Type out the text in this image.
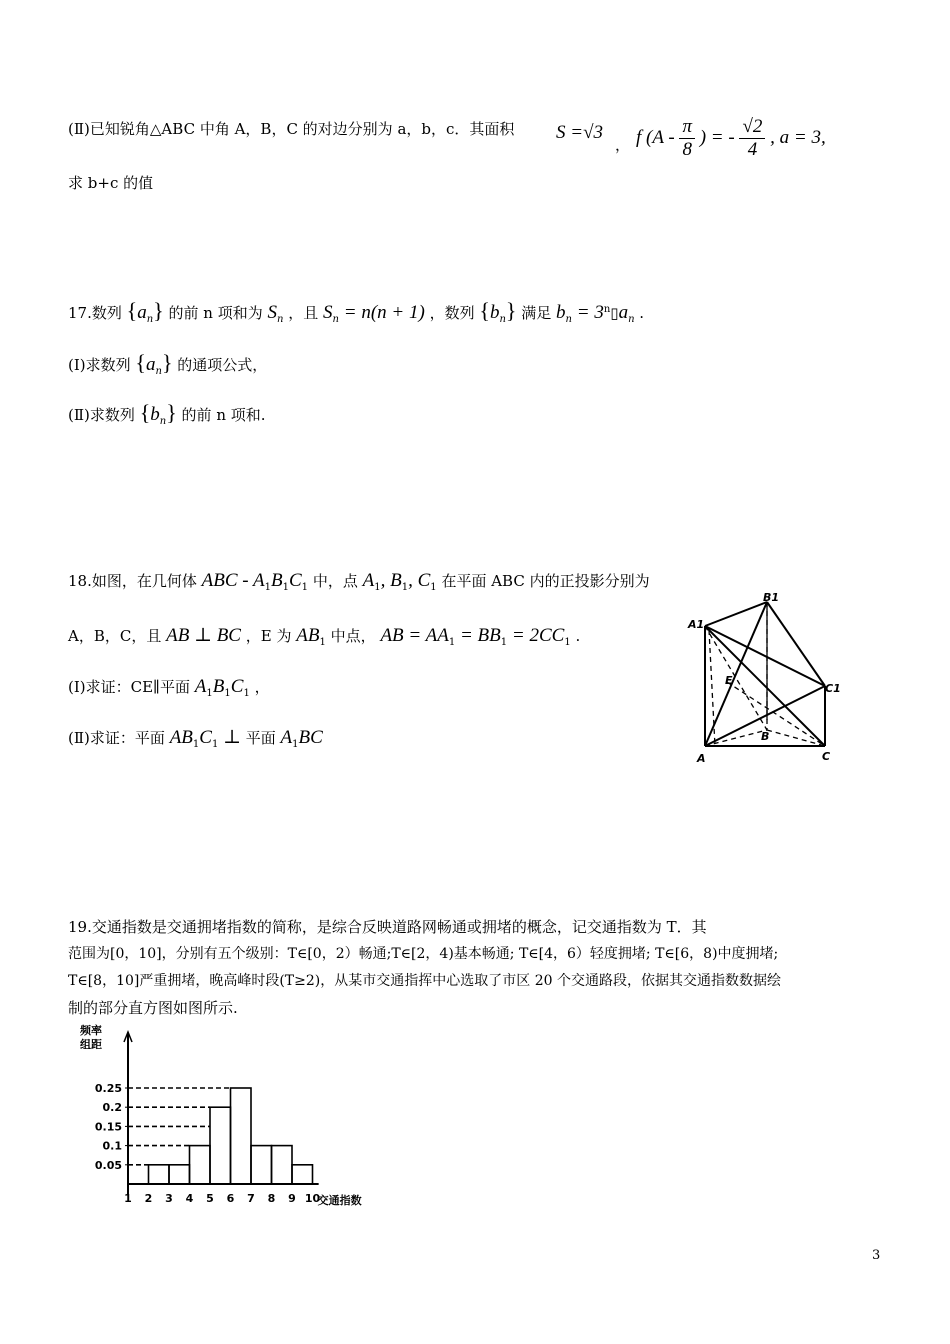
(Ⅱ)已知锐角△ABC 中角 A，B，C 的对边分别为 a，b，c．其面积 S =√3
， f ($A - \frac{\pi}{8}$ ) = - $\frac{√2}{4}$ , a = 3,
求 b+c 的值
17.数列 $\{a_n\}$ 的前 n 项和为 $S_n$ ，且 $S_n = n(n + 1)$ ，数列 $\{b_n\}$ 满足 $b_n$ = $3^n▯a_n$ .
(I)求数列 $\{a_n\}$ 的通项公式，
(Ⅱ)求数列 $\{b_n\}$ 的前 n 项和.
18.如图，在几何体 ABC - $A_1B_1C_1$ 中，点 $A_1$, $B_1$, $C_1$ 在平面 ABC 内的正投影分别为
A，B，C，且 AB ⊥ BC ，E 为 $AB_1$ 中点， AB = $AA_1 = BB_1 = 2CC_1$ .
(I)求证：CE∥平面 $A_1B_1C_1$ ，
(Ⅱ)求证：平面 $AB_1C_1$ ⊥ 平面 $A_1BC$
A1
B1
C1
E
B
A	C
19.交通指数是交通拥堵指数的简称，是综合反映道路网畅通或拥堵的概念，记交通指数为 T．其
范围为[0，10]，分别有五个级别：T∈[0，2）畅通;T∈[2，4)基本畅通; T∈[4，6）轻度拥堵; T∈[6，8)中度拥堵;
T∈[8，10]严重拥堵，晚高峰时段(T≥2)，从某市交通指挥中心选取了市区 20 个交通路段，依据其交通指数数据绘
制的部分直方图如图所示.
频率
组距
交通指数
0.25
0.2
0.15
0.1
0.05
1 2 3 4 5 6 7 8 9 10
3
